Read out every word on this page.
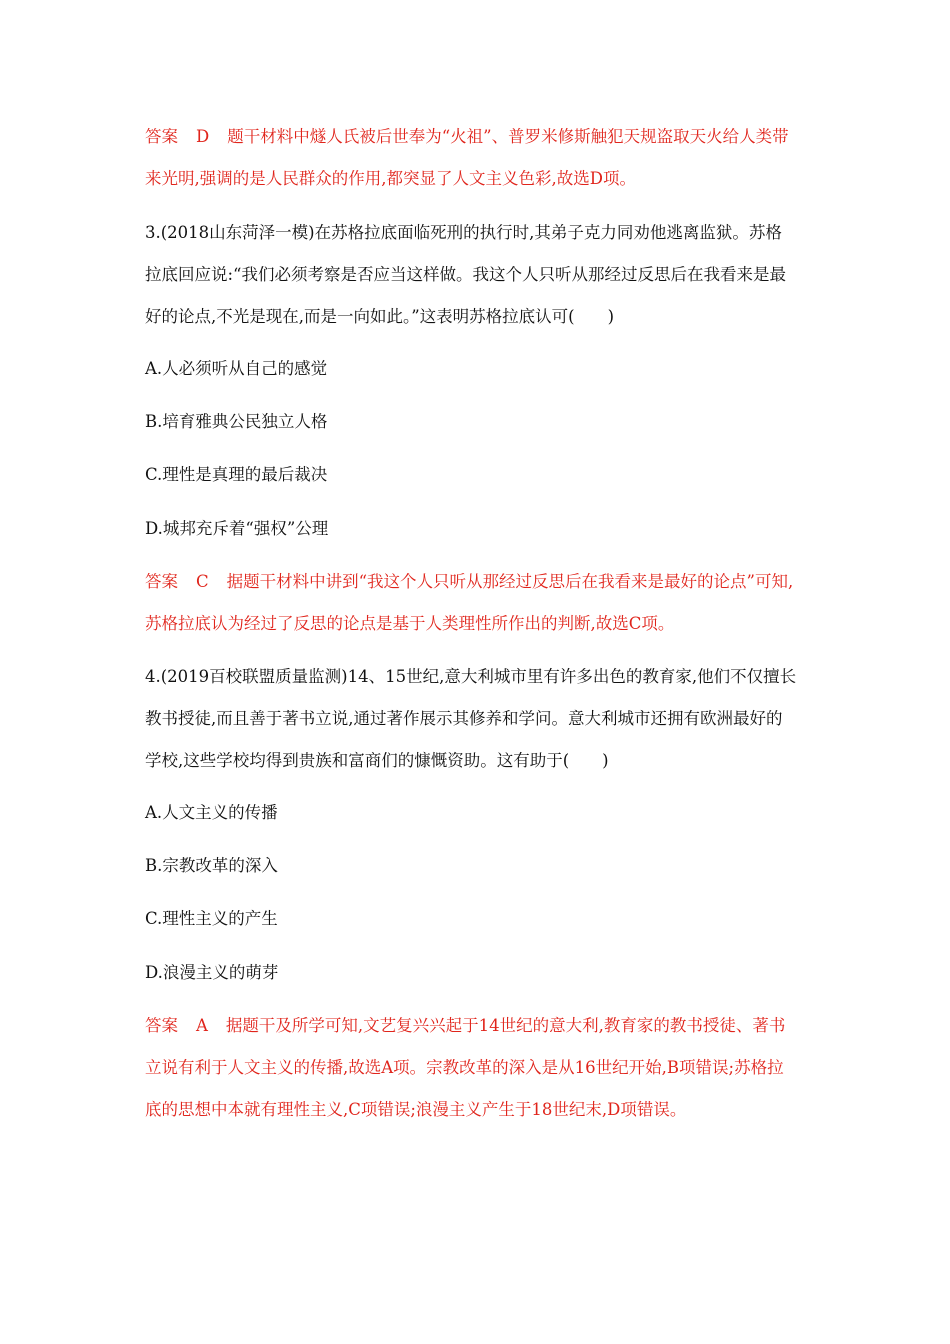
答案 D 题干材料中燧人氏被后世奉为“火祖”、普罗米修斯触犯天规盗取天火给人类带
来光明,强调的是人民群众的作用,都突显了人文主义色彩,故选D项。
3.(2018山东菏泽一模)在苏格拉底面临死刑的执行时,其弟子克力同劝他逃离监狱。苏格
拉底回应说:“我们必须考察是否应当这样做。我这个人只听从那经过反思后在我看来是最
好的论点,不光是现在,而是一向如此。”这表明苏格拉底认可(　　)
A.人必须听从自己的感觉
B.培育雅典公民独立人格
C.理性是真理的最后裁决
D.城邦充斥着“强权”公理
答案 C 据题干材料中讲到“我这个人只听从那经过反思后在我看来是最好的论点”可知,
苏格拉底认为经过了反思的论点是基于人类理性所作出的判断,故选C项。
4.(2019百校联盟质量监测)14、15世纪,意大利城市里有许多出色的教育家,他们不仅擅长
教书授徒,而且善于著书立说,通过著作展示其修养和学问。意大利城市还拥有欧洲最好的
学校,这些学校均得到贵族和富商们的慷慨资助。这有助于(　　)
A.人文主义的传播
B.宗教改革的深入
C.理性主义的产生
D.浪漫主义的萌芽
答案 A 据题干及所学可知,文艺复兴兴起于14世纪的意大利,教育家的教书授徒、著书
立说有利于人文主义的传播,故选A项。宗教改革的深入是从16世纪开始,B项错误;苏格拉
底的思想中本就有理性主义,C项错误;浪漫主义产生于18世纪末,D项错误。
